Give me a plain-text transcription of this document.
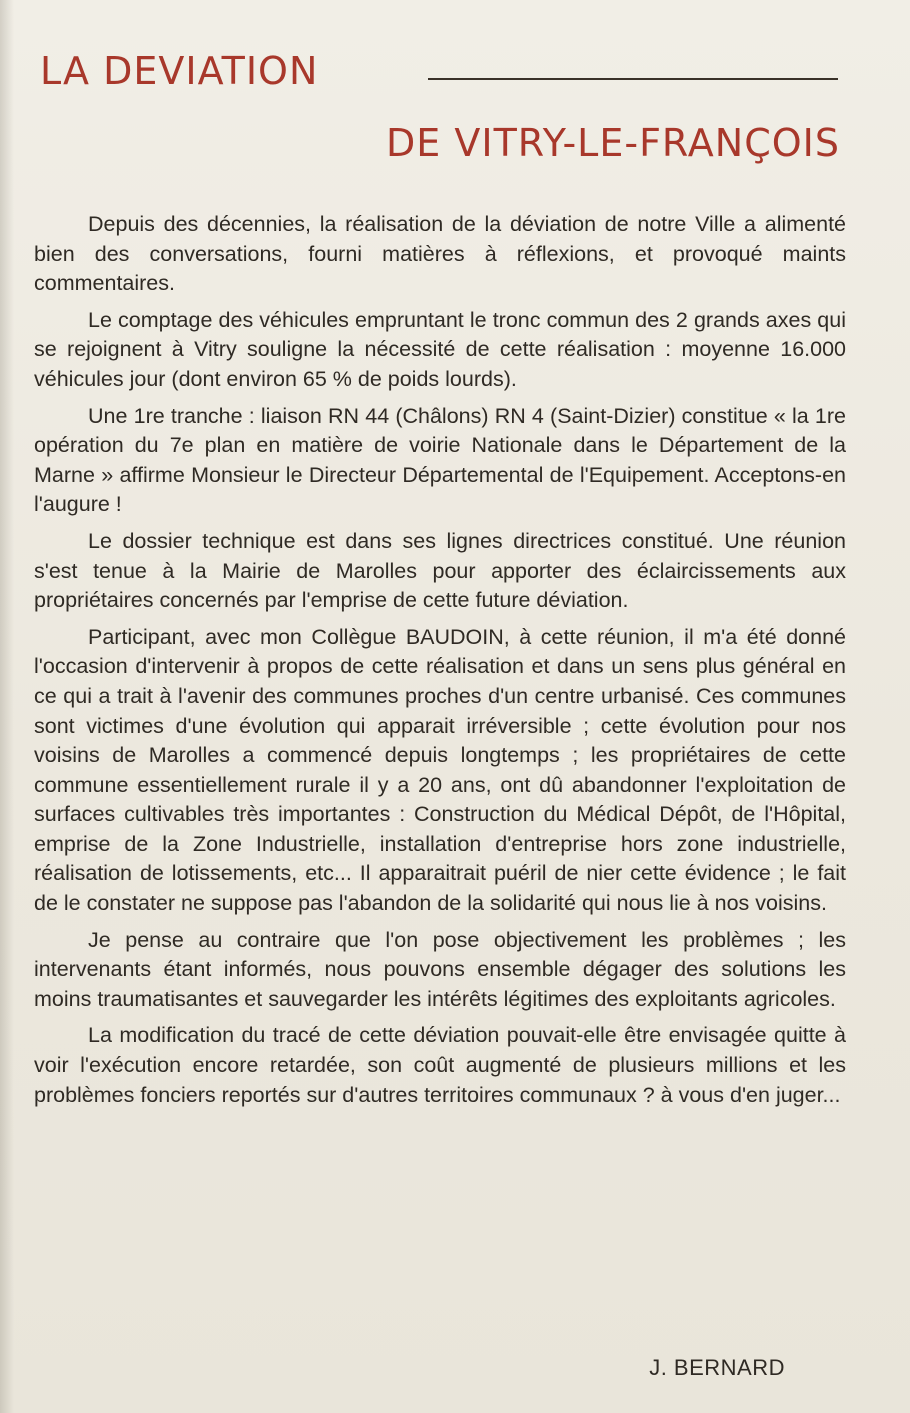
LA DEVIATION
DE VITRY-LE-FRANÇOIS

Depuis des décennies, la réalisation de la déviation de notre Ville a alimenté bien des conversations, fourni matières à réflexions, et provoqué maints commentaires.

Le comptage des véhicules empruntant le tronc commun des 2 grands axes qui se rejoignent à Vitry souligne la nécessité de cette réalisation : moyenne 16.000 véhicules jour (dont environ 65 % de poids lourds).

Une 1re tranche : liaison RN 44 (Châlons) RN 4 (Saint-Dizier) constitue « la 1re opération du 7e plan en matière de voirie Nationale dans le Département de la Marne » affirme Monsieur le Directeur Départemental de l'Equipement. Acceptons-en l'augure !

Le dossier technique est dans ses lignes directrices constitué. Une réunion s'est tenue à la Mairie de Marolles pour apporter des éclaircissements aux propriétaires concernés par l'emprise de cette future déviation.

Participant, avec mon Collègue BAUDOIN, à cette réunion, il m'a été donné l'occasion d'intervenir à propos de cette réalisation et dans un sens plus général en ce qui a trait à l'avenir des communes proches d'un centre urbanisé. Ces communes sont victimes d'une évolution qui apparait irréversible ; cette évolution pour nos voisins de Marolles a commencé depuis longtemps ; les propriétaires de cette commune essentiellement rurale il y a 20 ans, ont dû abandonner l'exploitation de surfaces cultivables très importantes : Construction du Médical Dépôt, de l'Hôpital, emprise de la Zone Industrielle, installation d'entreprise hors zone industrielle, réalisation de lotissements, etc... Il apparaitrait puéril de nier cette évidence ; le fait de le constater ne suppose pas l'abandon de la solidarité qui nous lie à nos voisins.

Je pense au contraire que l'on pose objectivement les problèmes ; les intervenants étant informés, nous pouvons ensemble dégager des solutions les moins traumatisantes et sauvegarder les intérêts légitimes des exploitants agricoles.

La modification du tracé de cette déviation pouvait-elle être envisagée quitte à voir l'exécution encore retardée, son coût augmenté de plusieurs millions et les problèmes fonciers reportés sur d'autres territoires communaux ? à vous d'en juger...

J. BERNARD
